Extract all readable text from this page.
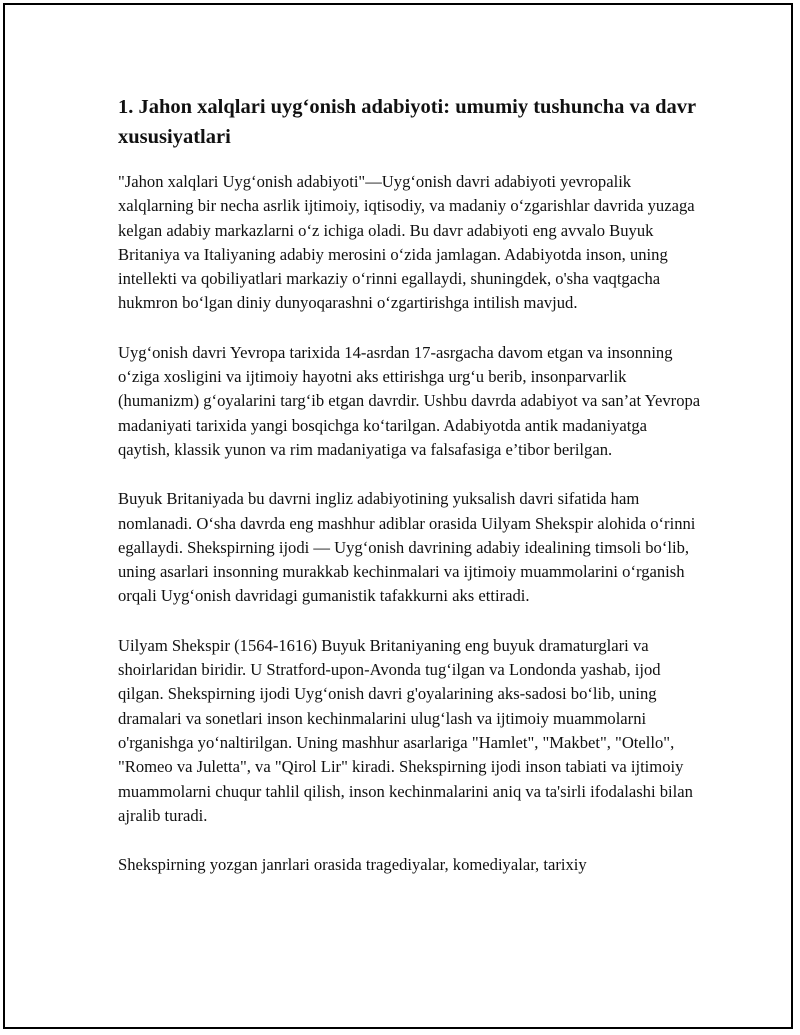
1. Jahon xalqlari uyg‘onish adabiyoti: umumiy tushuncha va davr xususiyatlari

"Jahon xalqlari Uyg‘onish adabiyoti"—Uyg‘onish davri adabiyoti yevropalik xalqlarning bir necha asrlik ijtimoiy, iqtisodiy, va madaniy o‘zgarishlar davrida yuzaga kelgan adabiy markazlarni o‘z ichiga oladi. Bu davr adabiyoti eng avvalo Buyuk Britaniya va Italiyaning adabiy merosini o‘zida jamlagan. Adabiyotda inson, uning intellekti va qobiliyatlari markaziy o‘rinni egallaydi, shuningdek, o'sha vaqtgacha hukmron bo‘lgan diniy dunyoqarashni o‘zgartirishga intilish mavjud.

Uyg‘onish davri Yevropa tarixida 14-asrdan 17-asrgacha davom etgan va insonning o‘ziga xosligini va ijtimoiy hayotni aks ettirishga urg‘u berib, insonparvarlik (humanizm) g‘oyalarini targ‘ib etgan davrdir. Ushbu davrda adabiyot va san’at Yevropa madaniyati tarixida yangi bosqichga ko‘tarilgan. Adabiyotda antik madaniyatga qaytish, klassik yunon va rim madaniyatiga va falsafasiga e’tibor berilgan.

Buyuk Britaniyada bu davrni ingliz adabiyotining yuksalish davri sifatida ham nomlanadi. O‘sha davrda eng mashhur adiblar orasida Uilyam Shekspir alohida o‘rinni egallaydi. Shekspirning ijodi — Uyg‘onish davrining adabiy idealining timsoli bo‘lib, uning asarlari insonning murakkab kechinmalari va ijtimoiy muammolarini o‘rganish orqali Uyg‘onish davridagi gumanistik tafakkurni aks ettiradi.

Uilyam Shekspir (1564-1616) Buyuk Britaniyaning eng buyuk dramaturglari va shoirlaridan biridir. U Stratford-upon-Avonda tug‘ilgan va Londonda yashab, ijod qilgan. Shekspirning ijodi Uyg‘onish davri g'oyalarining aks-sadosi bo‘lib, uning dramalari va sonetlari inson kechinmalarini ulug‘lash va ijtimoiy muammolarni o'rganishga yo‘naltirilgan. Uning mashhur asarlariga "Hamlet", "Makbet", "Otello", "Romeo va Juletta", va "Qirol Lir" kiradi. Shekspirning ijodi inson tabiati va ijtimoiy muammolarni chuqur tahlil qilish, inson kechinmalarini aniq va ta'sirli ifodalashi bilan ajralib turadi.

Shekspirning yozgan janrlari orasida tragediyalar, komediyalar, tarixiy
